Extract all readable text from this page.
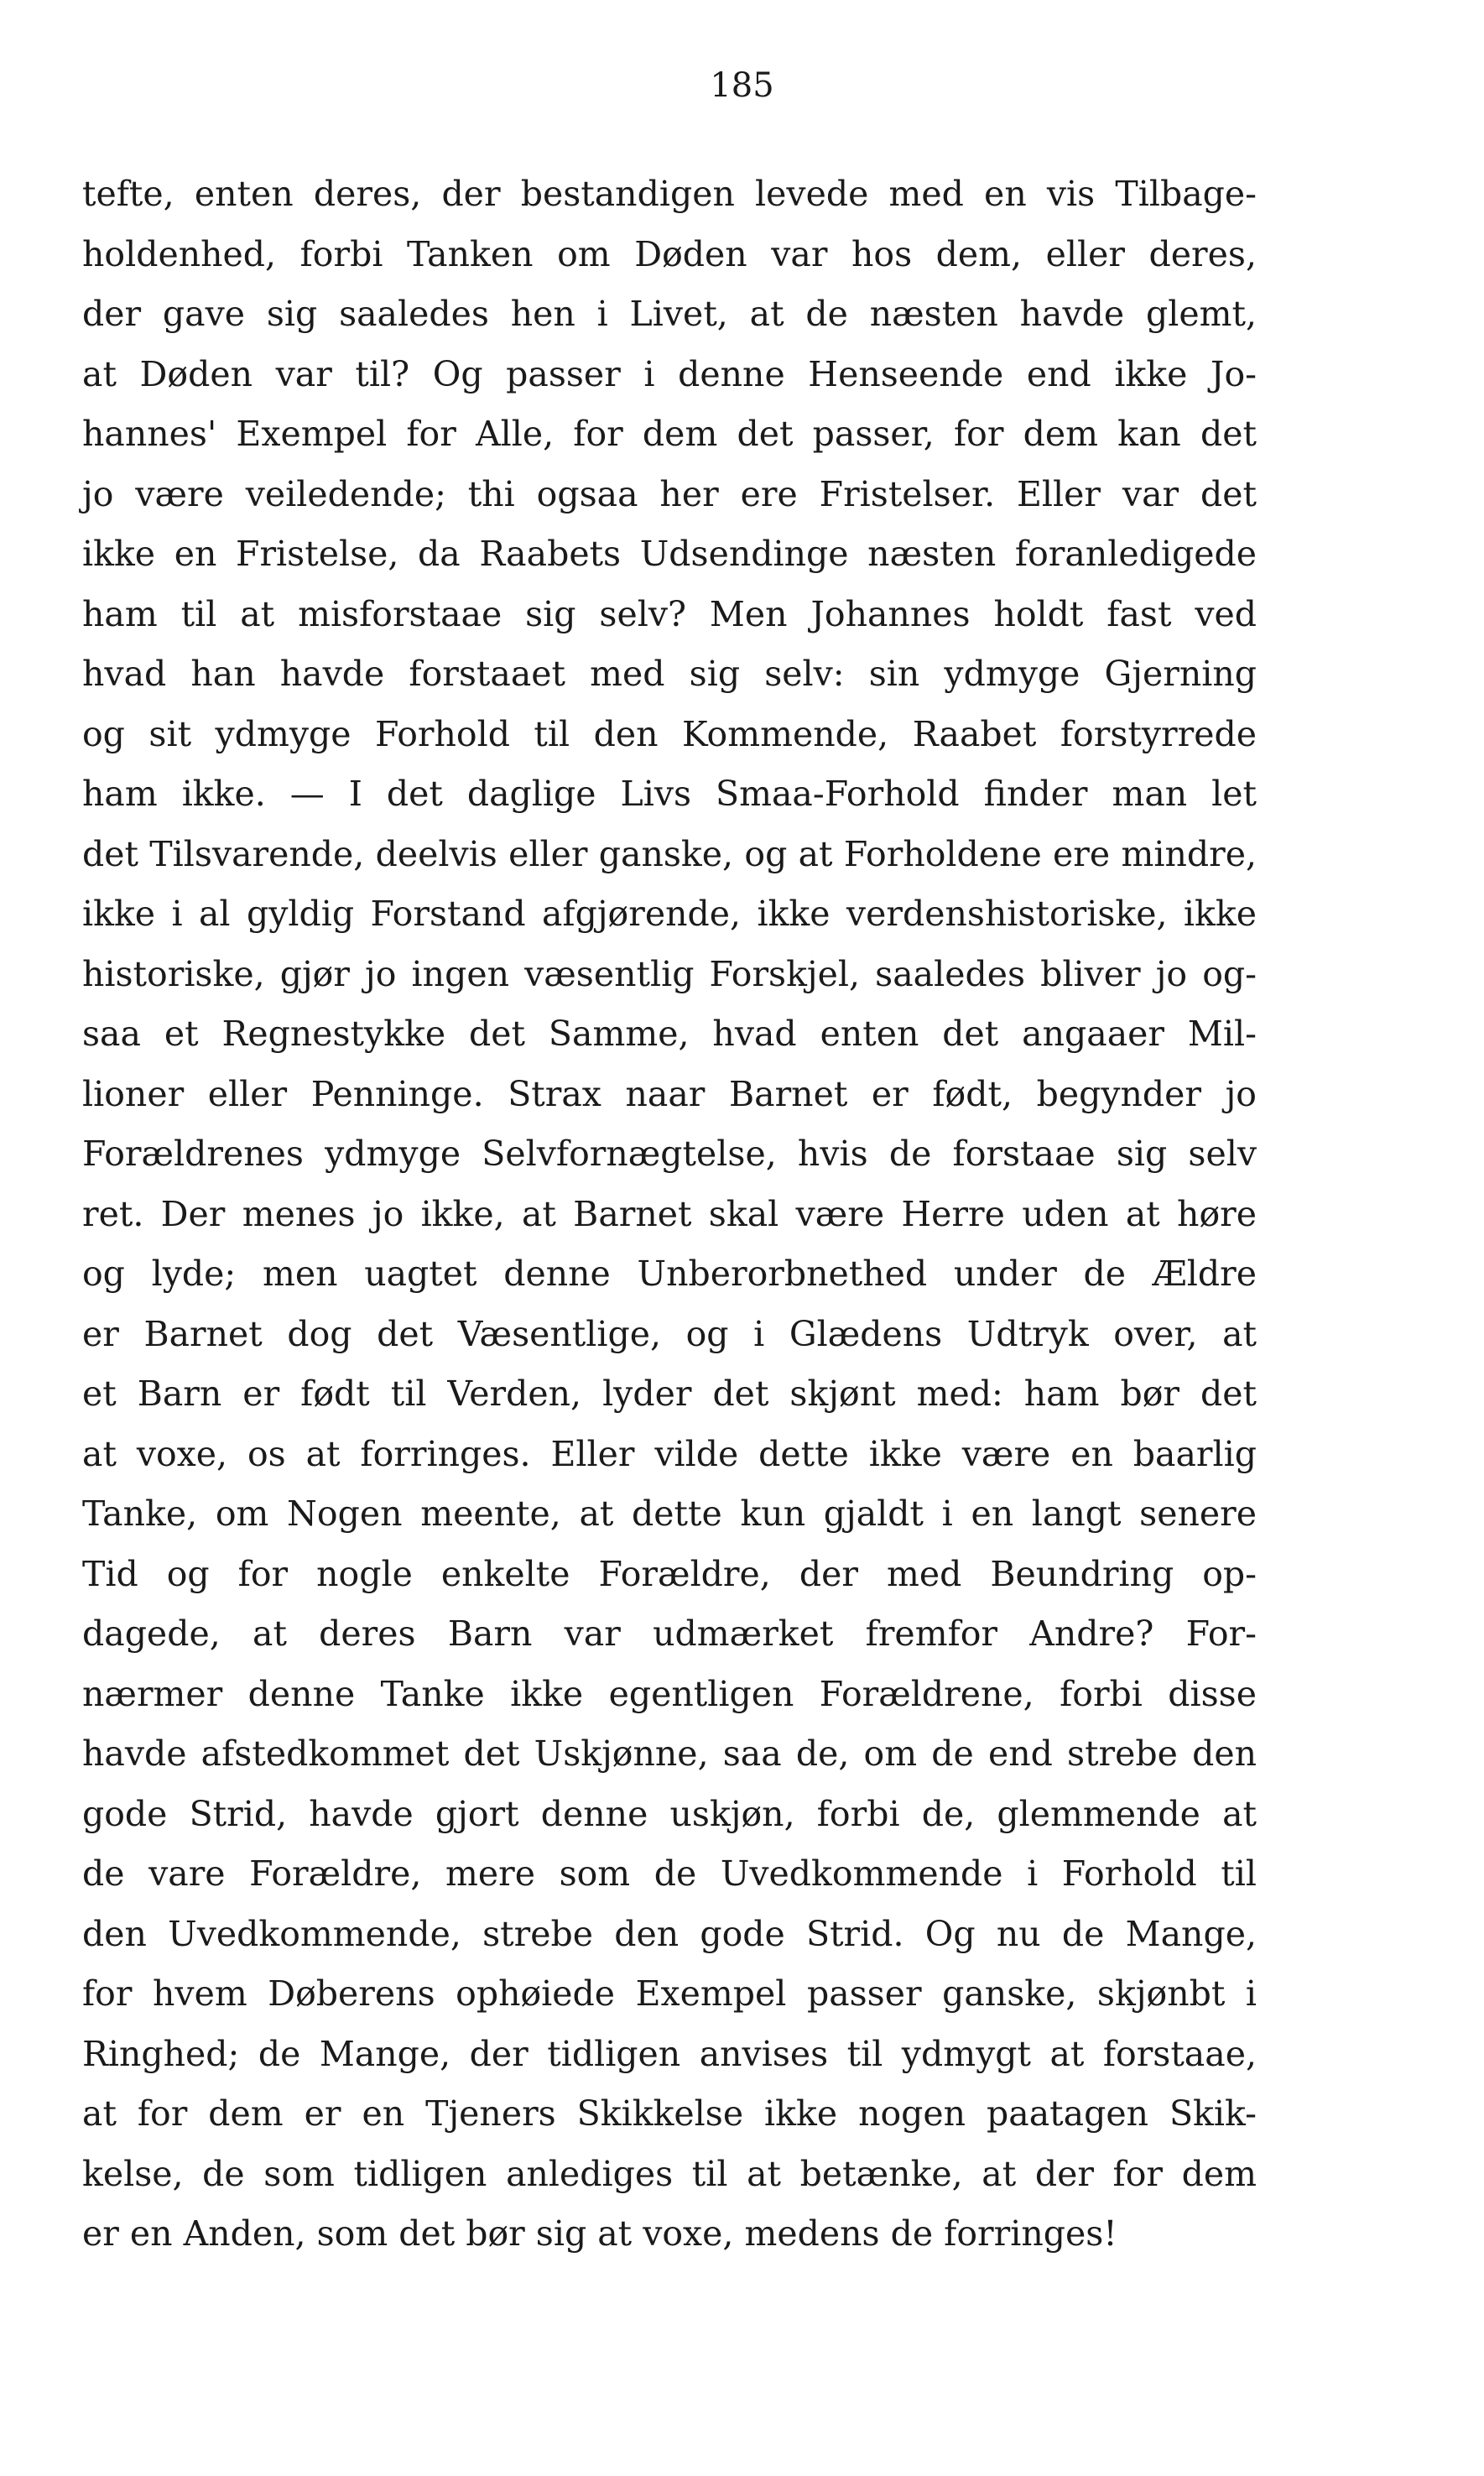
185
tefte, enten deres, der bestandigen levede med en vis Tilbage-
holdenhed, forbi Tanken om Døden var hos dem, eller deres,
der gave sig saaledes hen i Livet, at de næsten havde glemt,
at Døden var til? Og passer i denne Henseende end ikke Jo-
hannes' Exempel for Alle, for dem det passer, for dem kan det
jo være veiledende; thi ogsaa her ere Fristelser. Eller var det
ikke en Fristelse, da Raabets Udsendinge næsten foranledigede
ham til at misforstaae sig selv? Men Johannes holdt fast ved
hvad han havde forstaaet med sig selv: sin ydmyge Gjerning
og sit ydmyge Forhold til den Kommende, Raabet forstyrrede
ham ikke. — I det daglige Livs Smaa-Forhold finder man let
det Tilsvarende, deelvis eller ganske, og at Forholdene ere mindre,
ikke i al gyldig Forstand afgjørende, ikke verdenshistoriske, ikke
historiske, gjør jo ingen væsentlig Forskjel, saaledes bliver jo og-
saa et Regnestykke det Samme, hvad enten det angaaer Mil-
lioner eller Penninge. Strax naar Barnet er født, begynder jo
Forældrenes ydmyge Selvfornægtelse, hvis de forstaae sig selv
ret. Der menes jo ikke, at Barnet skal være Herre uden at høre
og lyde; men uagtet denne Unberorbnethed under de Ældre
er Barnet dog det Væsentlige, og i Glædens Udtryk over, at
et Barn er født til Verden, lyder det skjønt med: ham bør det
at voxe, os at forringes. Eller vilde dette ikke være en baarlig
Tanke, om Nogen meente, at dette kun gjaldt i en langt senere
Tid og for nogle enkelte Forældre, der med Beundring op-
dagede, at deres Barn var udmærket fremfor Andre? For-
nærmer denne Tanke ikke egentligen Forældrene, forbi disse
havde afstedkommet det Uskjønne, saa de, om de end strebe den
gode Strid, havde gjort denne uskjøn, forbi de, glemmende at
de vare Forældre, mere som de Uvedkommende i Forhold til
den Uvedkommende, strebe den gode Strid. Og nu de Mange,
for hvem Døberens ophøiede Exempel passer ganske, skjønbt i
Ringhed; de Mange, der tidligen anvises til ydmygt at forstaae,
at for dem er en Tjeners Skikkelse ikke nogen paatagen Skik-
kelse, de som tidligen anlediges til at betænke, at der for dem
er en Anden, som det bør sig at voxe, medens de forringes!
